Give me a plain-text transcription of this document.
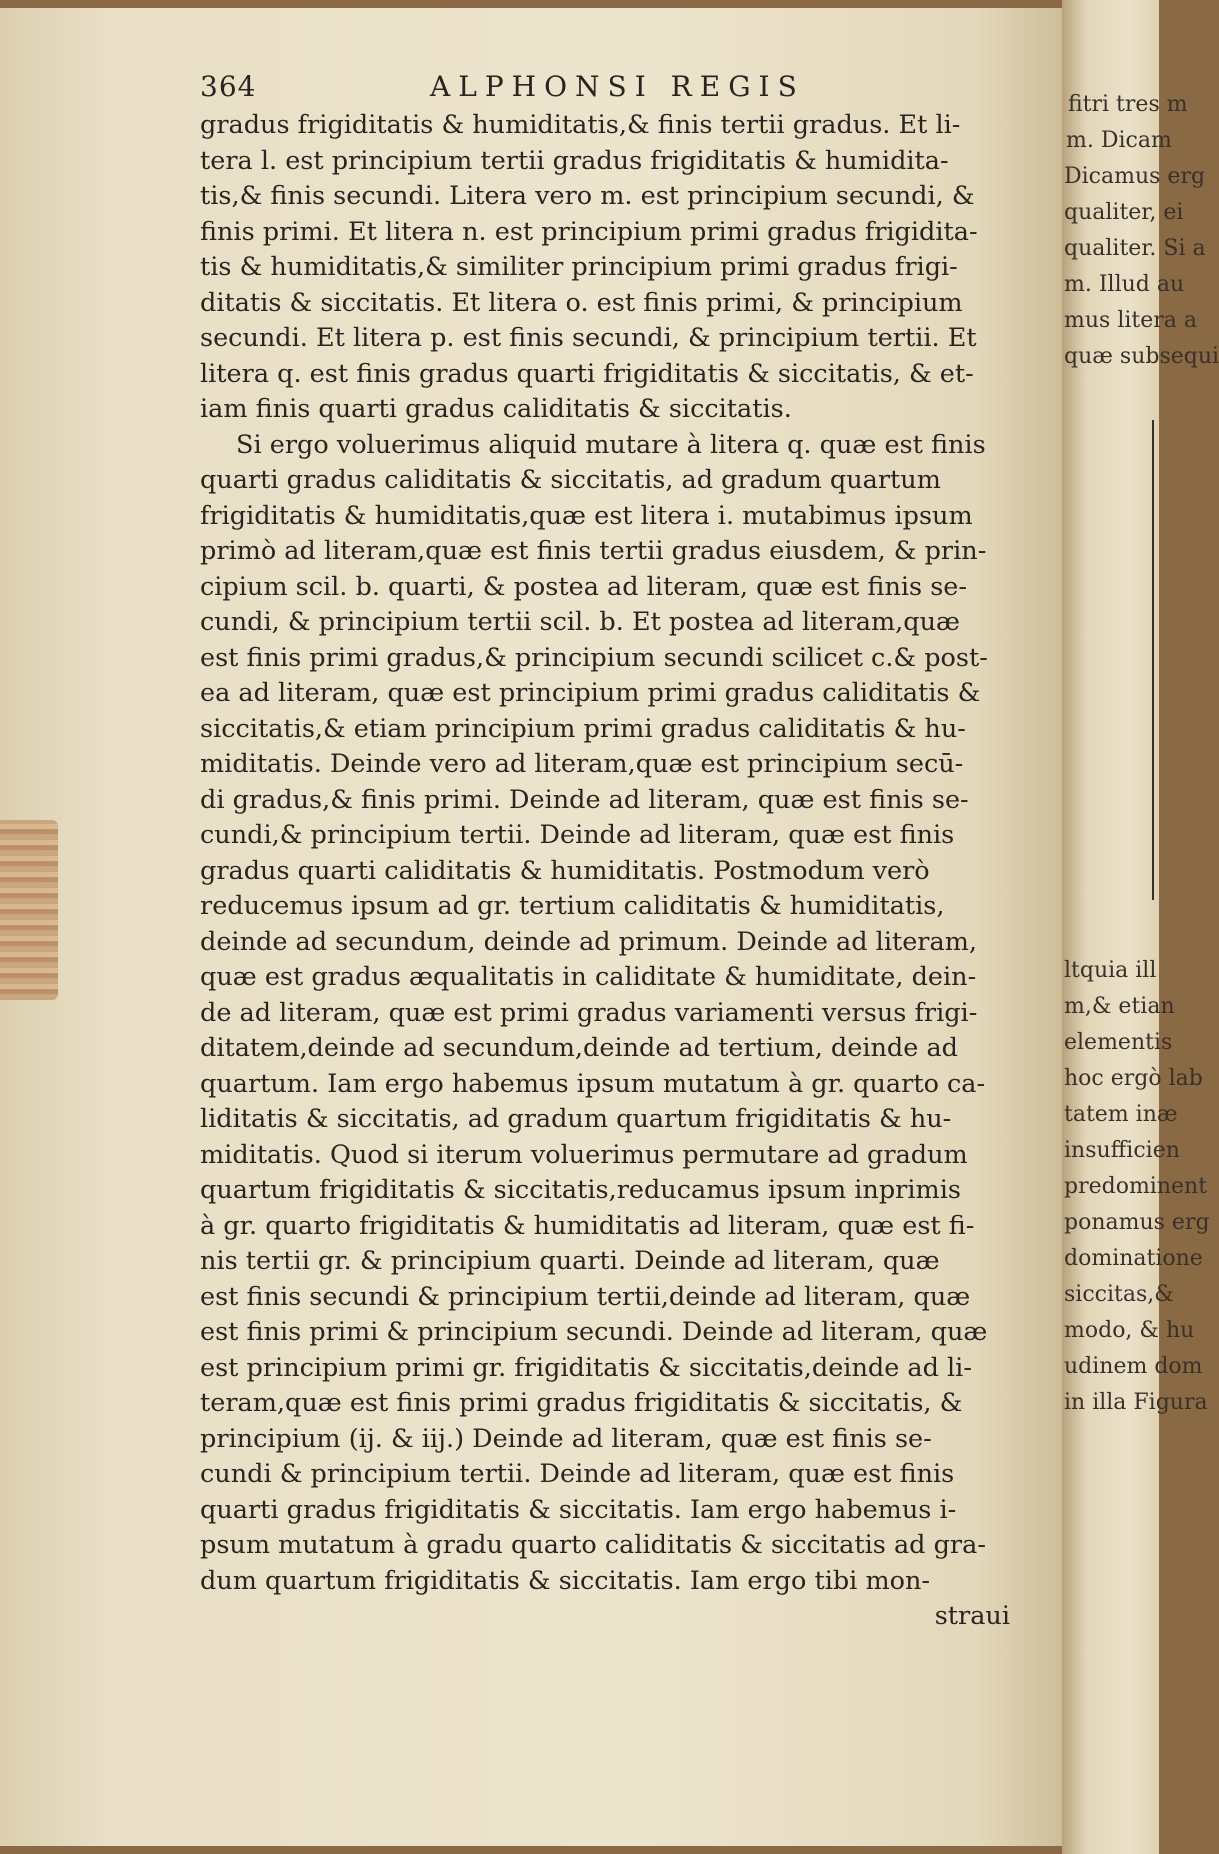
364	ALPHONSI REGIS
gradus frigiditatis & humiditatis,& finis tertii gradus. Et li-
tera l. est principium tertii gradus frigiditatis & humidita-
tis,& finis secundi. Litera vero m. est principium secundi, &
finis primi. Et litera n. est principium primi gradus frigidita-
tis & humiditatis,& similiter principium primi gradus frigi-
ditatis & siccitatis. Et litera o. est finis primi, & principium
secundi. Et litera p. est finis secundi, & principium tertii. Et
litera q. est finis gradus quarti frigiditatis & siccitatis, & et-
iam finis quarti gradus caliditatis & siccitatis.
Si ergo voluerimus aliquid mutare à litera q. quæ est finis
quarti gradus caliditatis & siccitatis, ad gradum quartum
frigiditatis & humiditatis,quæ est litera i. mutabimus ipsum
primò ad literam,quæ est finis tertii gradus eiusdem, & prin-
cipium scil. b. quarti, & postea ad literam, quæ est finis se-
cundi, & principium tertii scil. b. Et postea ad literam,quæ
est finis primi gradus,& principium secundi scilicet c.& post-
ea ad literam, quæ est principium primi gradus caliditatis &
siccitatis,& etiam principium primi gradus caliditatis & hu-
miditatis. Deinde vero ad literam,quæ est principium secū-
di gradus,& finis primi. Deinde ad literam, quæ est finis se-
cundi,& principium tertii. Deinde ad literam, quæ est finis
gradus quarti caliditatis & humiditatis. Postmodum verò
reducemus ipsum ad gr. tertium caliditatis & humiditatis,
deinde ad secundum, deinde ad primum. Deinde ad literam,
quæ est gradus æqualitatis in caliditate & humiditate, dein-
de ad literam, quæ est primi gradus variamenti versus frigi-
ditatem,deinde ad secundum,deinde ad tertium, deinde ad
quartum. Iam ergo habemus ipsum mutatum à gr. quarto ca-
liditatis & siccitatis, ad gradum quartum frigiditatis & hu-
miditatis. Quod si iterum voluerimus permutare ad gradum
quartum frigiditatis & siccitatis,reducamus ipsum inprimis
à gr. quarto frigiditatis & humiditatis ad literam, quæ est fi-
nis tertii gr. & principium quarti. Deinde ad literam, quæ
est finis secundi & principium tertii,deinde ad literam, quæ
est finis primi & principium secundi. Deinde ad literam, quæ
est principium primi gr. frigiditatis & siccitatis,deinde ad li-
teram,quæ est finis primi gradus frigiditatis & siccitatis, &
principium (ij. & iij.) Deinde ad literam, quæ est finis se-
cundi & principium tertii. Deinde ad literam, quæ est finis
quarti gradus frigiditatis & siccitatis. Iam ergo habemus i-
psum mutatum à gradu quarto caliditatis & siccitatis ad gra-
dum quartum frigiditatis & siccitatis. Iam ergo tibi mon-
straui
fitri tres m
m. Dicam
Dicamus erg
qualiter, ei
qualiter. Si a
m. Illud au
mus litera a
quæ subsequi
ltquia ill
m,& etian
elementis
hoc ergò lab
tatem inæ
insufficien
predominent
ponamus erg
dominatione
siccitas,&
modo, & hu
udinem dom
in illa Figura
